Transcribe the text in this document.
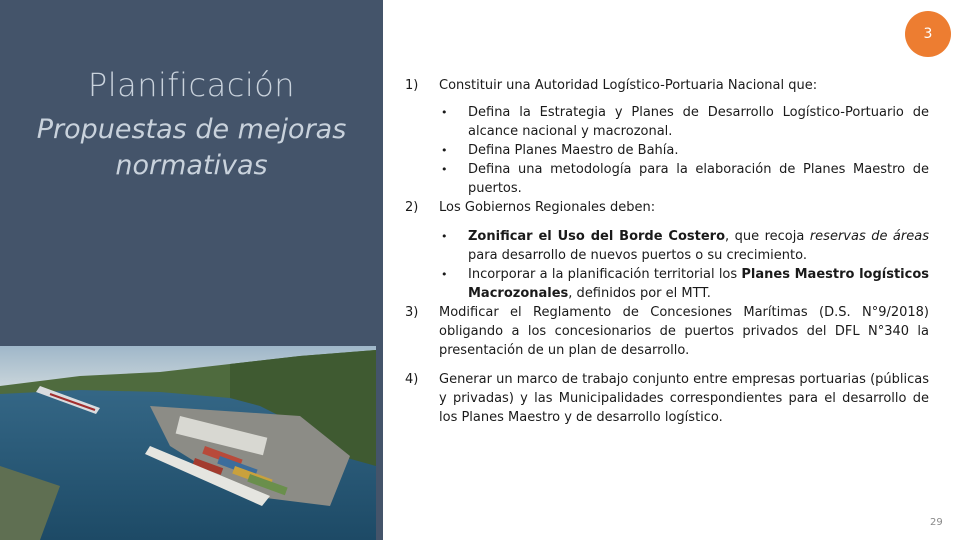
Planificación
Propuestas de mejoras
normativas
3
1)	Constituir una Autoridad Logístico-Portuaria Nacional que:
• Defina la Estrategia y Planes de Desarrollo Logístico-Portuario de alcance nacional y macrozonal.
• Defina Planes Maestro de Bahía.
• Defina una metodología para la elaboración de Planes Maestro de puertos.
2)	Los Gobiernos Regionales deben:
• Zonificar el Uso del Borde Costero, que recoja reservas de áreas para desarrollo de nuevos puertos o su crecimiento.
• Incorporar a la planificación territorial los Planes Maestro logísticos Macrozonales, definidos por el MTT.
3)	Modificar el Reglamento de Concesiones Marítimas (D.S. N°9/2018) obligando a los concesionarios de puertos privados del DFL N°340 la presentación de un plan de desarrollo.
4)	Generar un marco de trabajo conjunto entre empresas portuarias (públicas y privadas) y las Municipalidades correspondientes para el desarrollo de los Planes Maestro y de desarrollo logístico.
29
